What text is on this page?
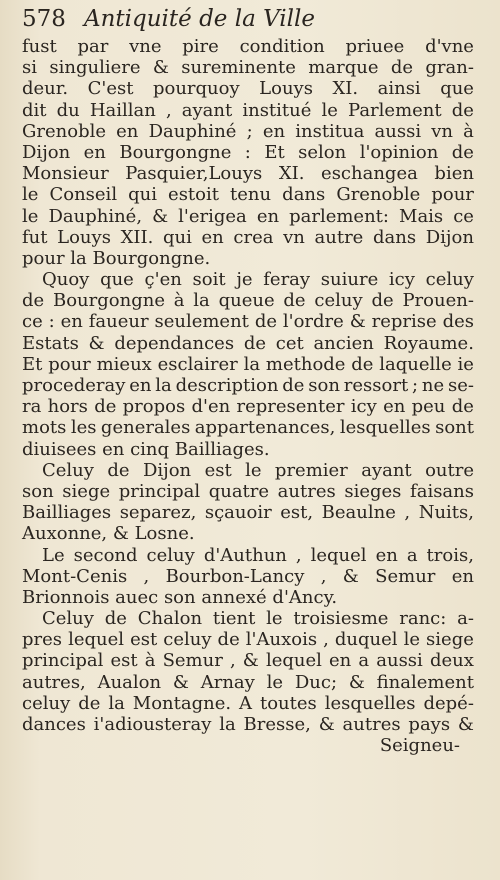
578 Antiquité de la Ville
fust par vne pire condition priuee d'vne
si singuliere & sureminente marque de gran-
deur. C'est pourquoy Louys XI. ainsi que
dit du Haillan , ayant institué le Parlement de
Grenoble en Dauphiné ; en institua aussi vn à
Dijon en Bourgongne : Et selon l'opinion de
Monsieur Pasquier,Louys XI. eschangea bien
le Conseil qui estoit tenu dans Grenoble pour
le Dauphiné, & l'erigea en parlement: Mais ce
fut Louys XII. qui en crea vn autre dans Dijon
pour la Bourgongne.
Quoy que ç'en soit je feray suiure icy celuy
de Bourgongne à la queue de celuy de Prouen-
ce : en faueur seulement de l'ordre & reprise des
Estats & dependances de cet ancien Royaume.
Et pour mieux esclairer la methode de laquelle ie
procederay en la description de son ressort ; ne se-
ra hors de propos d'en representer icy en peu de
mots les generales appartenances, lesquelles sont
diuisees en cinq Bailliages.
Celuy de Dijon est le premier ayant outre
son siege principal quatre autres sieges faisans
Bailliages separez, sçauoir est, Beaulne , Nuits,
Auxonne, & Losne.
Le second celuy d'Authun , lequel en a trois,
Mont-Cenis , Bourbon-Lancy , & Semur en
Brionnois auec son annexé d'Ancy.
Celuy de Chalon tient le troisiesme ranc: a-
pres lequel est celuy de l'Auxois , duquel le siege
principal est à Semur , & lequel en a aussi deux
autres, Aualon & Arnay le Duc; & finalement
celuy de la Montagne. A toutes lesquelles depé-
dances i'adiousteray la Bresse, & autres pays &
Seigneu-
